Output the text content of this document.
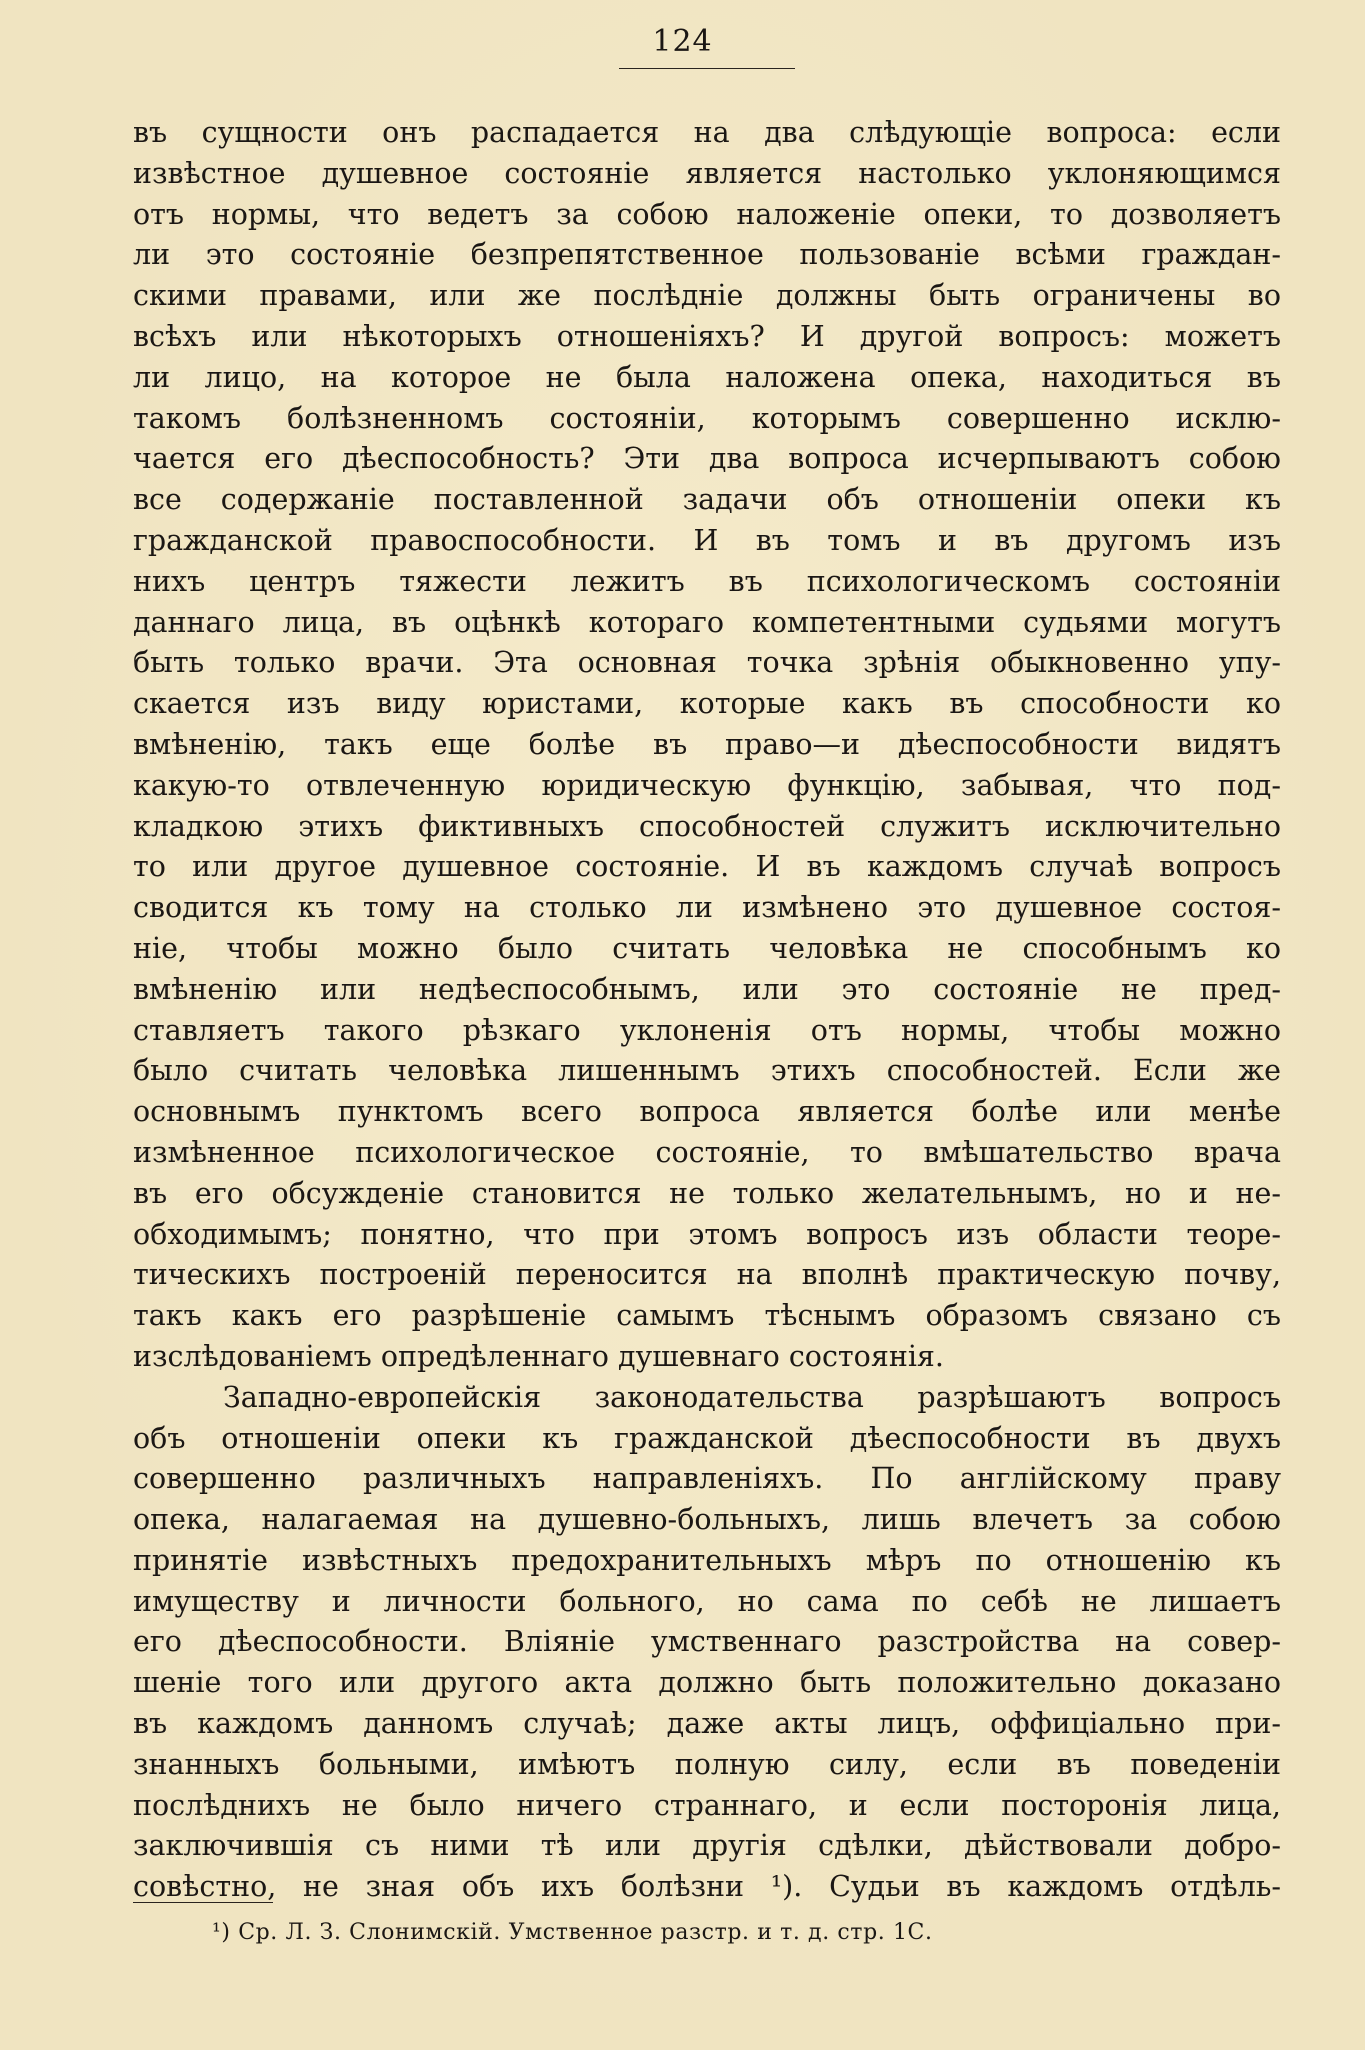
124
въ сущности онъ распадается на два слѣдующіе вопроса: если
извѣстное душевное состояніе является настолько уклоняющимся
отъ нормы, что ведетъ за собою наложеніе опеки, то дозволяетъ
ли это состояніе безпрепятственное пользованіе всѣми граждан-
скими правами, или же послѣдніе должны быть ограничены во
всѣхъ или нѣкоторыхъ отношеніяхъ? И другой вопросъ: можетъ
ли лицо, на которое не была наложена опека, находиться въ
такомъ болѣзненномъ состояніи, которымъ совершенно исклю-
чается его дѣеспособность? Эти два вопроса исчерпываютъ собою
все содержаніе поставленной задачи объ отношеніи опеки къ
гражданской правоспособности. И въ томъ и въ другомъ изъ
нихъ центръ тяжести лежитъ въ психологическомъ состояніи
даннаго лица, въ оцѣнкѣ котораго компетентными судьями могутъ
быть только врачи. Эта основная точка зрѣнія обыкновенно упу-
скается изъ виду юристами, которые какъ въ способности ко
вмѣненію, такъ еще болѣе въ право—и дѣеспособности видятъ
какую-то отвлеченную юридическую функцію, забывая, что под-
кладкою этихъ фиктивныхъ способностей служитъ исключительно
то или другое душевное состояніе. И въ каждомъ случаѣ вопросъ
сводится къ тому на столько ли измѣнено это душевное состоя-
ніе, чтобы можно было считать человѣка не способнымъ ко
вмѣненію или недѣеспособнымъ, или это состояніе не пред-
ставляетъ такого рѣзкаго уклоненія отъ нормы, чтобы можно
было считать человѣка лишеннымъ этихъ способностей. Если же
основнымъ пунктомъ всего вопроса является болѣе или менѣе
измѣненное психологическое состояніе, то вмѣшательство врача
въ его обсужденіе становится не только желательнымъ, но и не-
обходимымъ; понятно, что при этомъ вопросъ изъ области теоре-
тическихъ построеній переносится на вполнѣ практическую почву,
такъ какъ его разрѣшеніе самымъ тѣснымъ образомъ связано съ
изслѣдованіемъ опредѣленнаго душевнаго состоянія.
Западно-европейскія законодательства разрѣшаютъ вопросъ
объ отношеніи опеки къ гражданской дѣеспособности въ двухъ
совершенно различныхъ направленіяхъ. По англійскому праву
опека, налагаемая на душевно-больныхъ, лишь влечетъ за собою
принятіе извѣстныхъ предохранительныхъ мѣръ по отношенію къ
имуществу и личности больного, но сама по себѣ не лишаетъ
его дѣеспособности. Вліяніе умственнаго разстройства на совер-
шеніе того или другого акта должно быть положительно доказано
въ каждомъ данномъ случаѣ; даже акты лицъ, оффиціально при-
знанныхъ больными, имѣютъ полную силу, если въ поведеніи
послѣднихъ не было ничего страннаго, и если посторонія лица,
заключившія съ ними тѣ или другія сдѣлки, дѣйствовали добро-
совѣстно, не зная объ ихъ болѣзни ¹). Судьи въ каждомъ отдѣль-
¹) Ср. Л. З. Слонимскій. Умственное разстр. и т. д. стр. 1С.
